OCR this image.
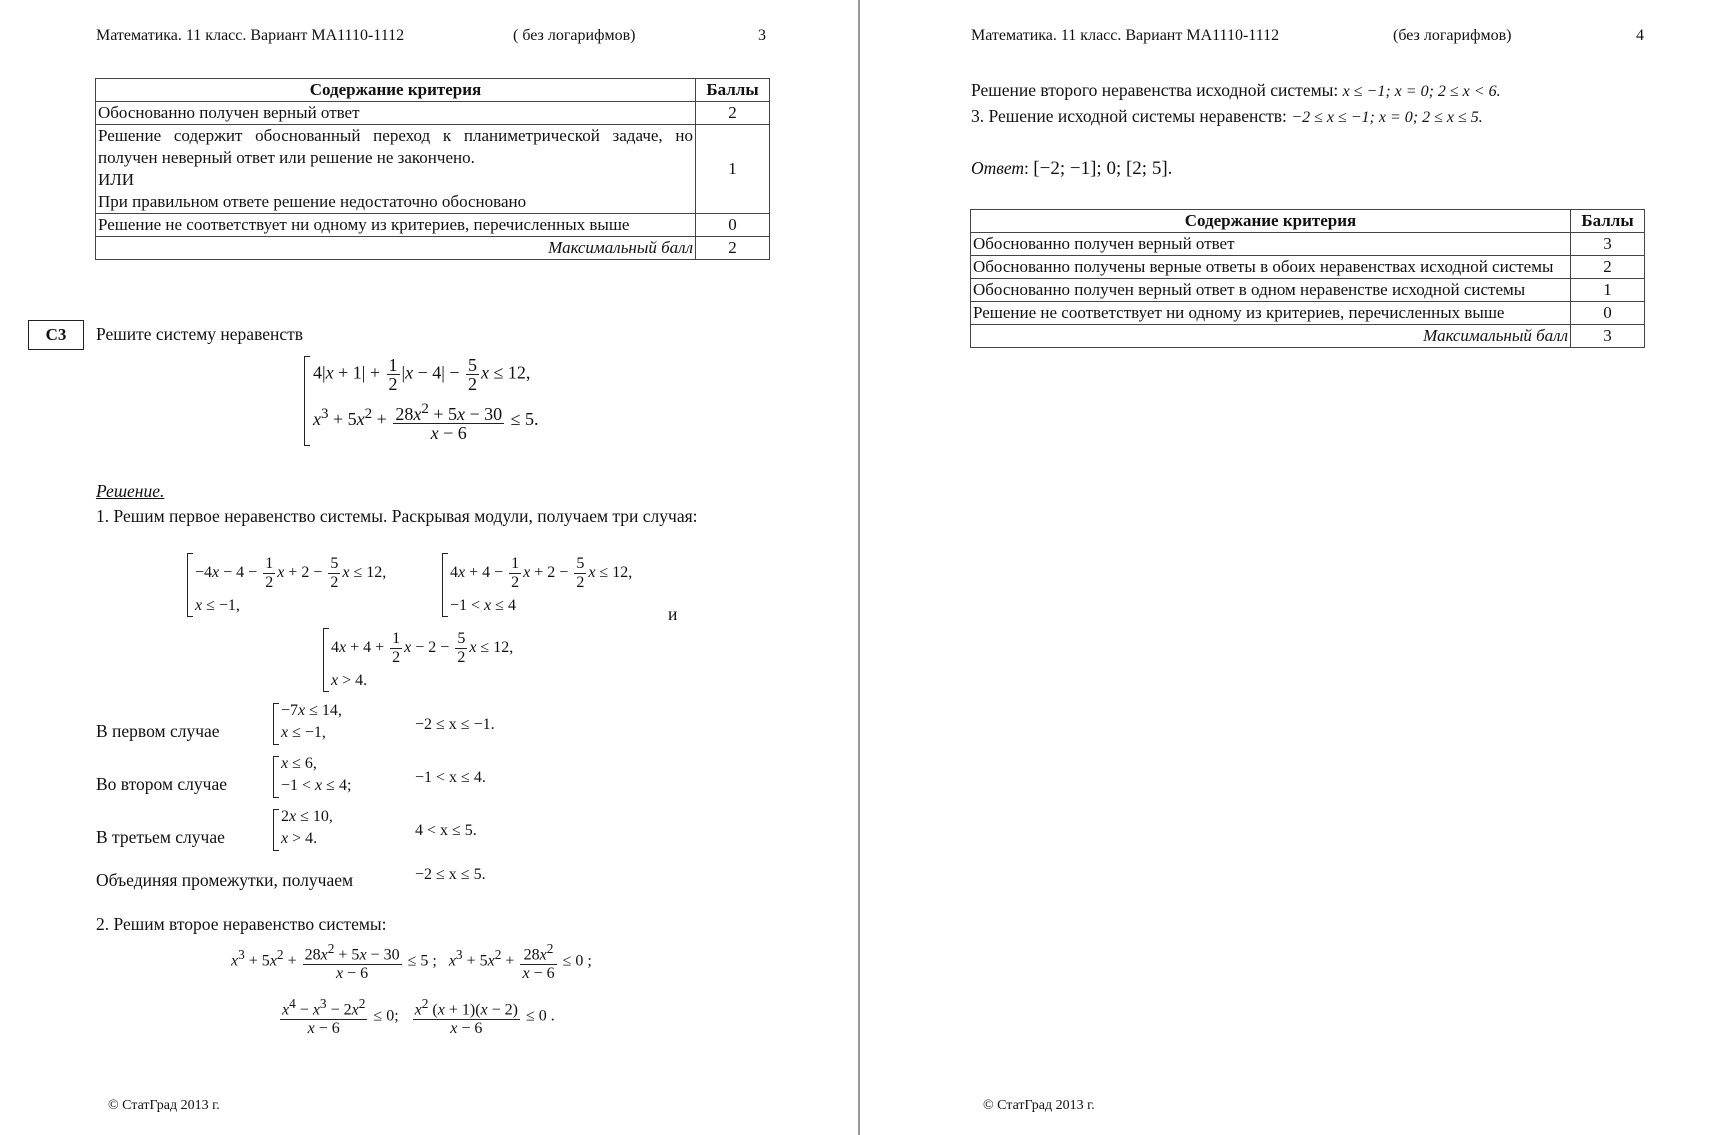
Математика. 11 класс. Вариант МА1110-1112	( без логарифмов)	3
Содержание критерия	Баллы
Обоснованно получен верный ответ	2

Решение содержит обоснованный переход к планиметрической задаче, но получен неверный ответ или решение не закончено.
ИЛИ
При правильном ответе решение недостаточно обосновано	1
Решение не соответствует ни одному из критериев, перечисленных выше	0
Максимальный балл	2
С3	Решите систему неравенств
$4|x + 1| + \frac{1}{2} |x - 4| - \frac{5}{2}$ x ≤ 12,
$x^3 + 5x^2 + \frac{28x^2 + 5x - 30}{x - 6} \le 5$.
Решение.
1. Решим первое неравенство системы. Раскрывая модули, получаем три случая:
$-4x - 4 - \frac{1}{2}$ $x + 2 - \frac{5}{2}$ x ≤ 12,
x ≤ −1,
$4x + 4 - \frac{1}{2}$ $x + 2 - \frac{5}{2}$ x ≤ 12,
−1 < x ≤ 4	и
$4x + 4 + \frac{1}{2}$ $x - 2 - \frac{5}{2}$ x ≤ 12,
x > 4.
В первом случае
−7x ≤ 14,
x ≤ −1,	−2 ≤ x ≤ −1.
Во втором случае
x ≤ 6,
−1 < x ≤ 4;	−1 < x ≤ 4.
В третьем случае
2x ≤ 10,
x > 4.	4 < x ≤ 5.
Объединяя промежутки, получаем	−2 ≤ x ≤ 5.
2. Решим второе неравенство системы:
$x^3 + 5x^2 + \frac{28x^2 + 5x - 30}{x - 6} \le 5$ ;   $x^3 + 5x^2 + \frac{28x^2}{x - 6} \le 0$ ;
$\frac{x^4 - x^3 - 2x^2}{x - 6} \le 0$; $\frac{x^2 (x + 1)(x - 2)}{x - 6} \le 0$ .
© СтатГрад 2013 г.
Математика. 11 класс. Вариант МА1110-1112	(без логарифмов)	4
Решение второго неравенства исходной системы: x ≤ −1; x = 0; 2 ≤ x < 6.
3. Решение исходной системы неравенств: −2 ≤ x ≤ −1; x = 0; 2 ≤ x ≤ 5.
Ответ: [−2; −1]; 0; [2; 5].
Содержание критерия	Баллы
Обоснованно получен верный ответ	3
Обоснованно получены верные ответы в обоих неравенствах исходной системы	2
Обоснованно получен верный ответ в одном неравенстве исходной системы	1
Решение не соответствует ни одному из критериев, перечисленных выше	0
Максимальный балл	3
© СтатГрад 2013 г.
